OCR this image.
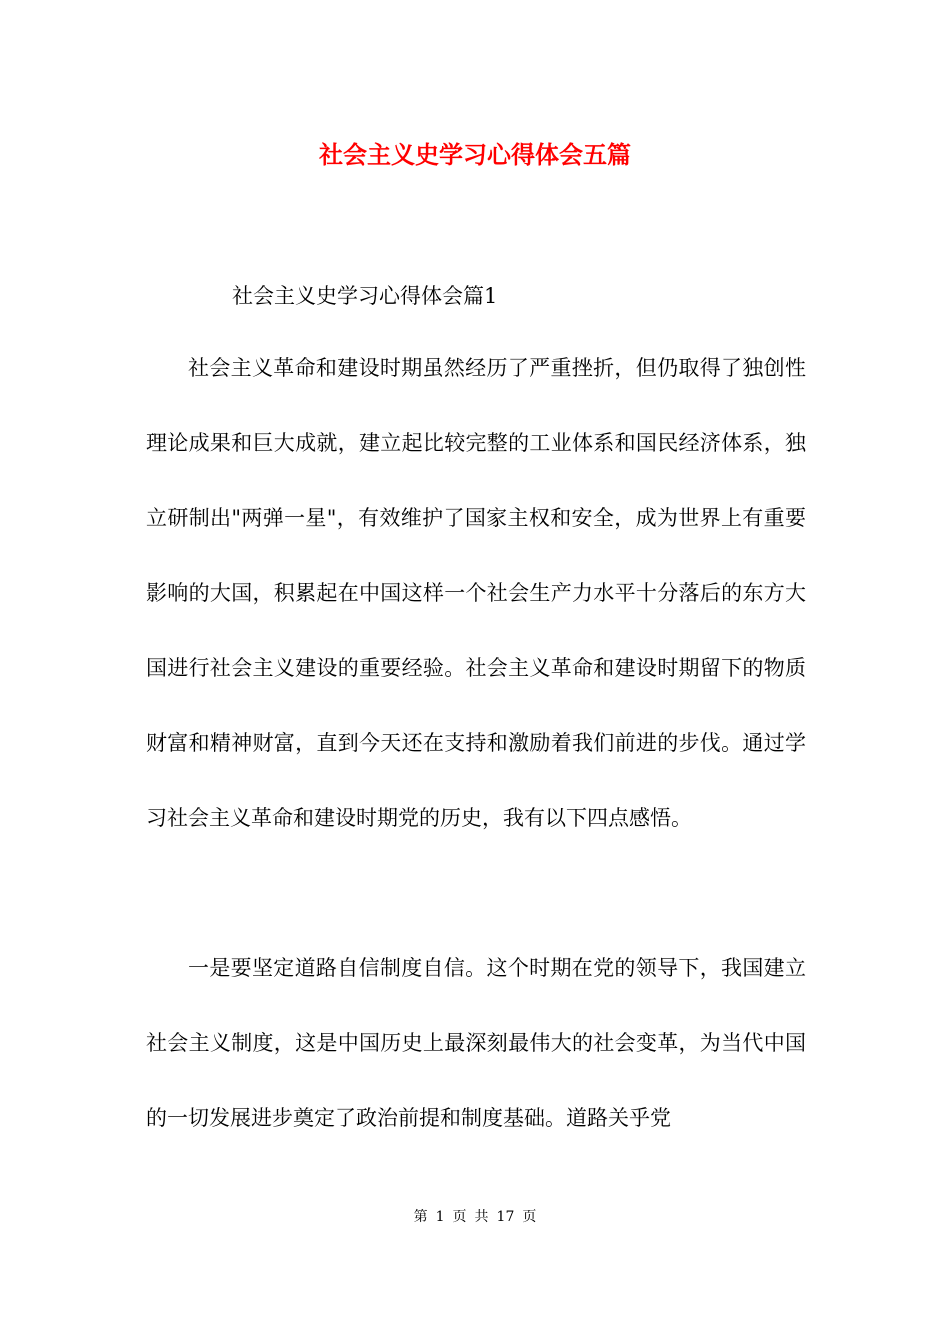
社会主义史学习心得体会五篇
社会主义史学习心得体会篇1

社会主义革命和建设时期虽然经历了严重挫折，但仍取得了独创性理论成果和巨大成就，建立起比较完整的工业体系和国民经济体系，独立研制出"两弹一星"，有效维护了国家主权和安全，成为世界上有重要影响的大国，积累起在中国这样一个社会生产力水平十分落后的东方大国进行社会主义建设的重要经验。社会主义革命和建设时期留下的物质财富和精神财富，直到今天还在支持和激励着我们前进的步伐。通过学习社会主义革命和建设时期党的历史，我有以下四点感悟。

一是要坚定道路自信制度自信。这个时期在党的领导下，我国建立社会主义制度，这是中国历史上最深刻最伟大的社会变革，为当代中国的一切发展进步奠定了政治前提和制度基础。道路关乎党

第 1 页 共 17 页
